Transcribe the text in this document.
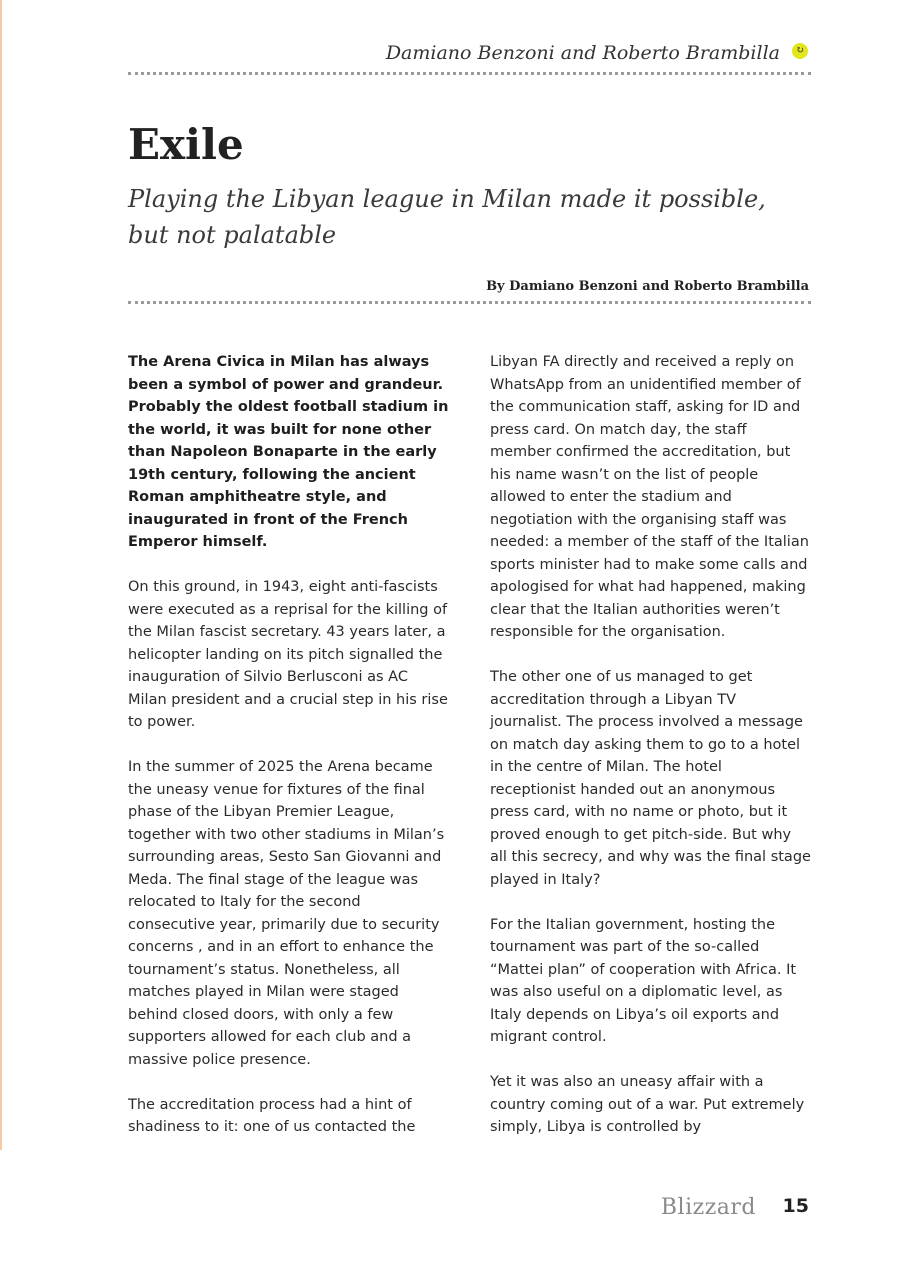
Damiano Benzoni and Roberto Brambilla ↻
Exile

Playing the Libyan league in Milan made it possible, but not palatable

By Damiano Benzoni and Roberto Brambilla

The Arena Civica in Milan has always been a symbol of power and grandeur. Probably the oldest football stadium in the world, it was built for none other than Napoleon Bonaparte in the early 19th century, following the ancient Roman amphitheatre style, and inaugurated in front of the French Emperor himself.

On this ground, in 1943, eight anti-fascists were executed as a reprisal for the killing of the Milan fascist secretary. 43 years later, a helicopter landing on its pitch signalled the inauguration of Silvio Berlusconi as AC Milan president and a crucial step in his rise to power.

In the summer of 2025 the Arena became the uneasy venue for fixtures of the final phase of the Libyan Premier League, together with two other stadiums in Milan’s surrounding areas, Sesto San Giovanni and Meda. The final stage of the league was relocated to Italy for the second consecutive year, primarily due to security concerns , and in an effort to enhance the tournament’s status. Nonetheless, all matches played in Milan were staged behind closed doors, with only a few supporters allowed for each club and a massive police presence.

The accreditation process had a hint of shadiness to it: one of us contacted the

Libyan FA directly and received a reply on WhatsApp from an unidentified member of the communication staff, asking for ID and press card. On match day, the staff member confirmed the accreditation, but his name wasn’t on the list of people allowed to enter the stadium and negotiation with the organising staff was needed: a member of the staff of the Italian sports minister had to make some calls and apologised for what had happened, making clear that the Italian authorities weren’t responsible for the organisation.

The other one of us managed to get accreditation through a Libyan TV journalist. The process involved a message on match day asking them to go to a hotel in the centre of Milan. The hotel receptionist handed out an anonymous press card, with no name or photo, but it proved enough to get pitch-side. But why all this secrecy, and why was the final stage played in Italy?

For the Italian government, hosting the tournament was part of the so-called “Mattei plan” of cooperation with Africa. It was also useful on a diplomatic level, as Italy depends on Libya’s oil exports and migrant control.

Yet it was also an uneasy affair with a country coming out of a war. Put extremely simply, Libya is controlled by

Blizzard 15
